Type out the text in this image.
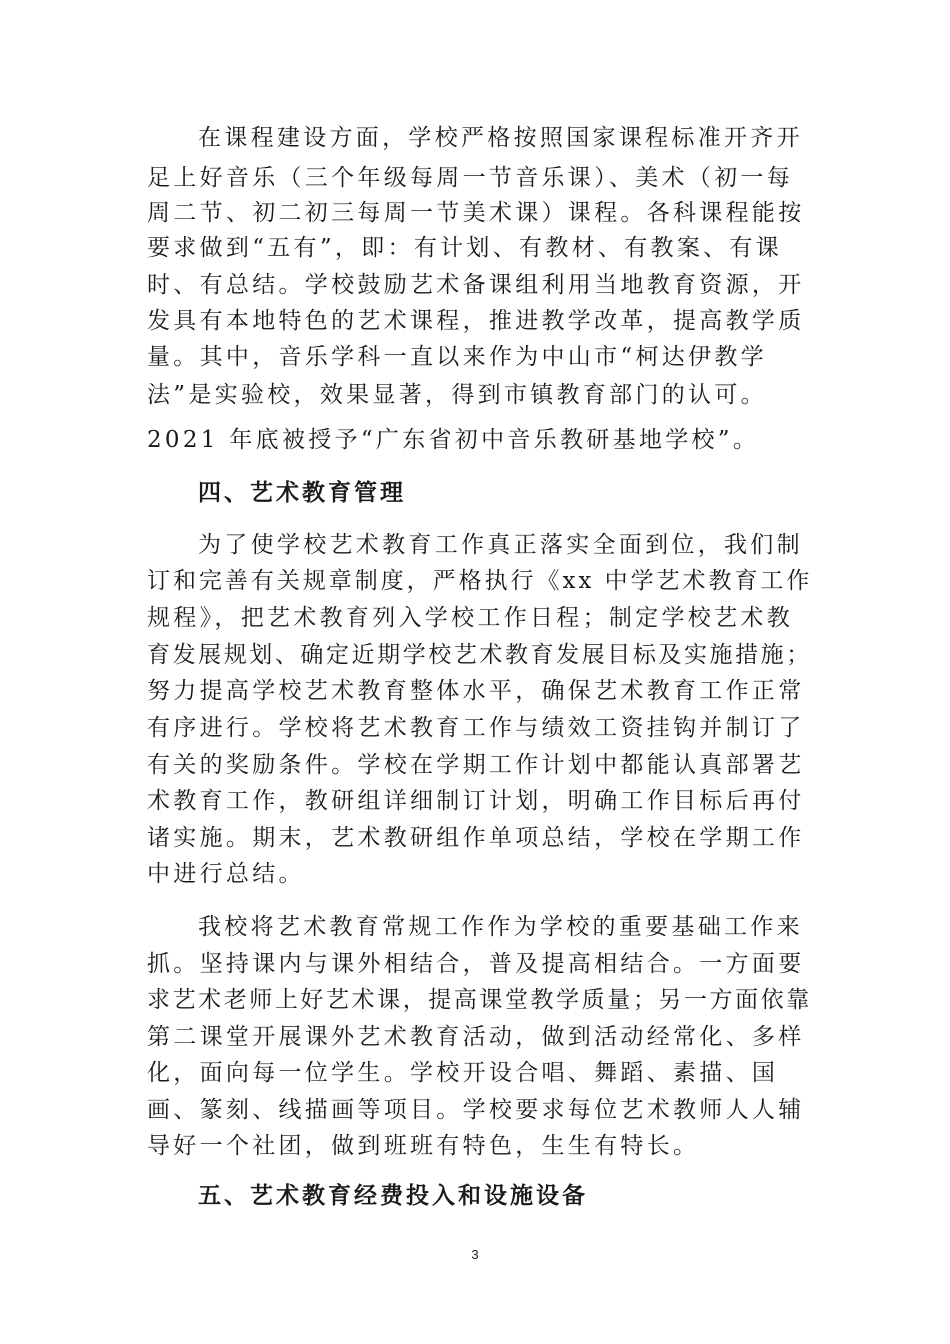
在课程建设方面，学校严格按照国家课程标准开齐开
足上好音乐（三个年级每周一节音乐课）、美术（初一每
周二节、初二初三每周一节美术课）课程。各科课程能按
要求做到“五有”，即：有计划、有教材、有教案、有课
时、有总结。学校鼓励艺术备课组利用当地教育资源，开
发具有本地特色的艺术课程，推进教学改革，提高教学质
量。其中，音乐学科一直以来作为中山市“柯达伊教学
法”是实验校，效果显著，得到市镇教育部门的认可。
2021 年底被授予“广东省初中音乐教研基地学校”。
四、艺术教育管理
为了使学校艺术教育工作真正落实全面到位，我们制
订和完善有关规章制度，严格执行《xx 中学艺术教育工作
规程》，把艺术教育列入学校工作日程；制定学校艺术教
育发展规划、确定近期学校艺术教育发展目标及实施措施；
努力提高学校艺术教育整体水平，确保艺术教育工作正常
有序进行。学校将艺术教育工作与绩效工资挂钩并制订了
有关的奖励条件。学校在学期工作计划中都能认真部署艺
术教育工作，教研组详细制订计划，明确工作目标后再付
诸实施。期末，艺术教研组作单项总结，学校在学期工作
中进行总结。
我校将艺术教育常规工作作为学校的重要基础工作来
抓。坚持课内与课外相结合，普及提高相结合。一方面要
求艺术老师上好艺术课，提高课堂教学质量；另一方面依靠
第二课堂开展课外艺术教育活动，做到活动经常化、多样
化，面向每一位学生。学校开设合唱、舞蹈、素描、国
画、篆刻、线描画等项目。学校要求每位艺术教师人人辅
导好一个社团，做到班班有特色，生生有特长。
五、艺术教育经费投入和设施设备
3
